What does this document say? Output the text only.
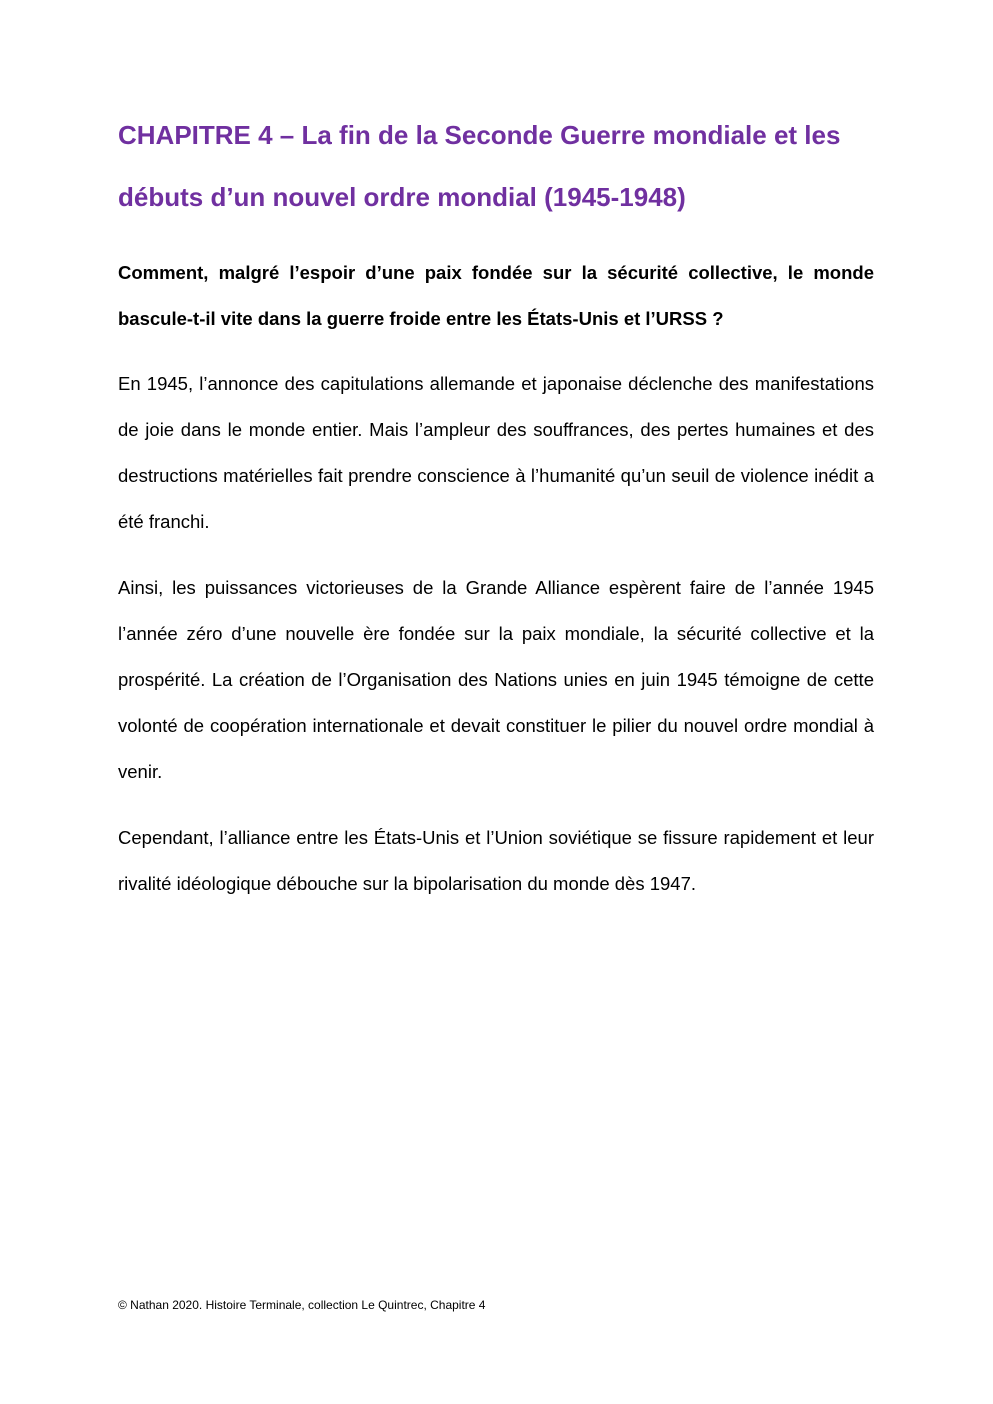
CHAPITRE 4 – La fin de la Seconde Guerre mondiale et les débuts d’un nouvel ordre mondial (1945-1948)

Comment, malgré l’espoir d’une paix fondée sur la sécurité collective, le monde bascule-t-il vite dans la guerre froide entre les États-Unis et l’URSS ?

En 1945, l’annonce des capitulations allemande et japonaise déclenche des manifestations de joie dans le monde entier. Mais l’ampleur des souffrances, des pertes humaines et des destructions matérielles fait prendre conscience à l’humanité qu’un seuil de violence inédit a été franchi.

Ainsi, les puissances victorieuses de la Grande Alliance espèrent faire de l’année 1945 l’année zéro d’une nouvelle ère fondée sur la paix mondiale, la sécurité collective et la prospérité. La création de l’Organisation des Nations unies en juin 1945 témoigne de cette volonté de coopération internationale et devait constituer le pilier du nouvel ordre mondial à venir.

Cependant, l’alliance entre les États-Unis et l’Union soviétique se fissure rapidement et leur rivalité idéologique débouche sur la bipolarisation du monde dès 1947.

© Nathan 2020. Histoire Terminale, collection Le Quintrec, Chapitre 4
